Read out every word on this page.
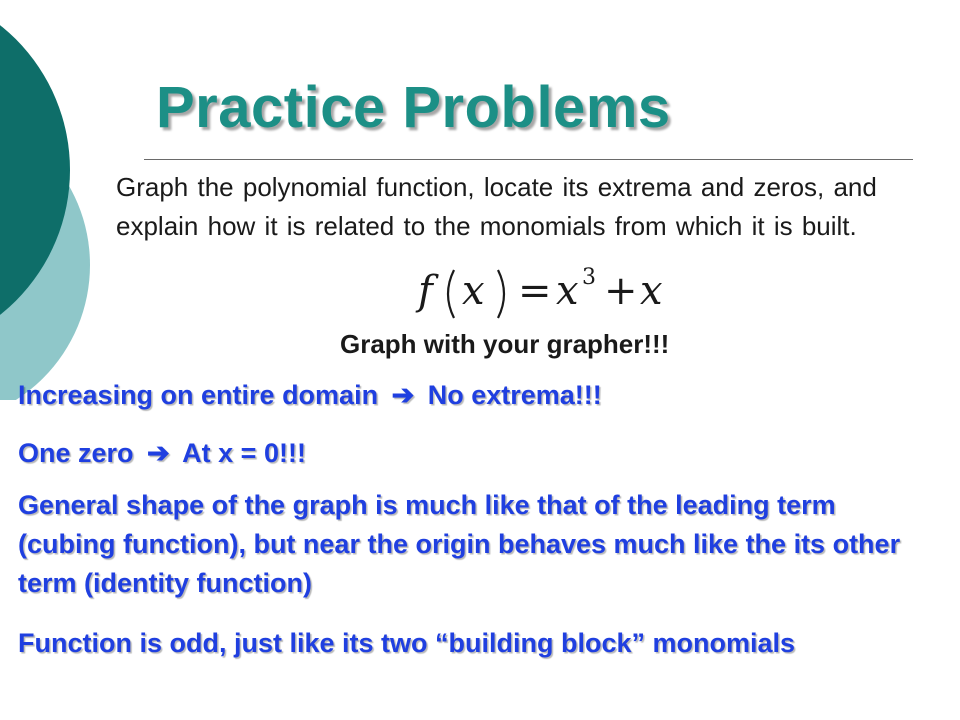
Practice Problems

Graph the polynomial function, locate its extrema and zeros, and explain how it is related to the monomials from which it is built.

f x = x 3 + x

Graph with your grapher!!!

Increasing on entire domain ➔ No extrema!!!

One zero ➔ At x = 0!!!

General shape of the graph is much like that of the leading term (cubing function), but near the origin behaves much like the its other term (identity function)

Function is odd, just like its two “building block” monomials
